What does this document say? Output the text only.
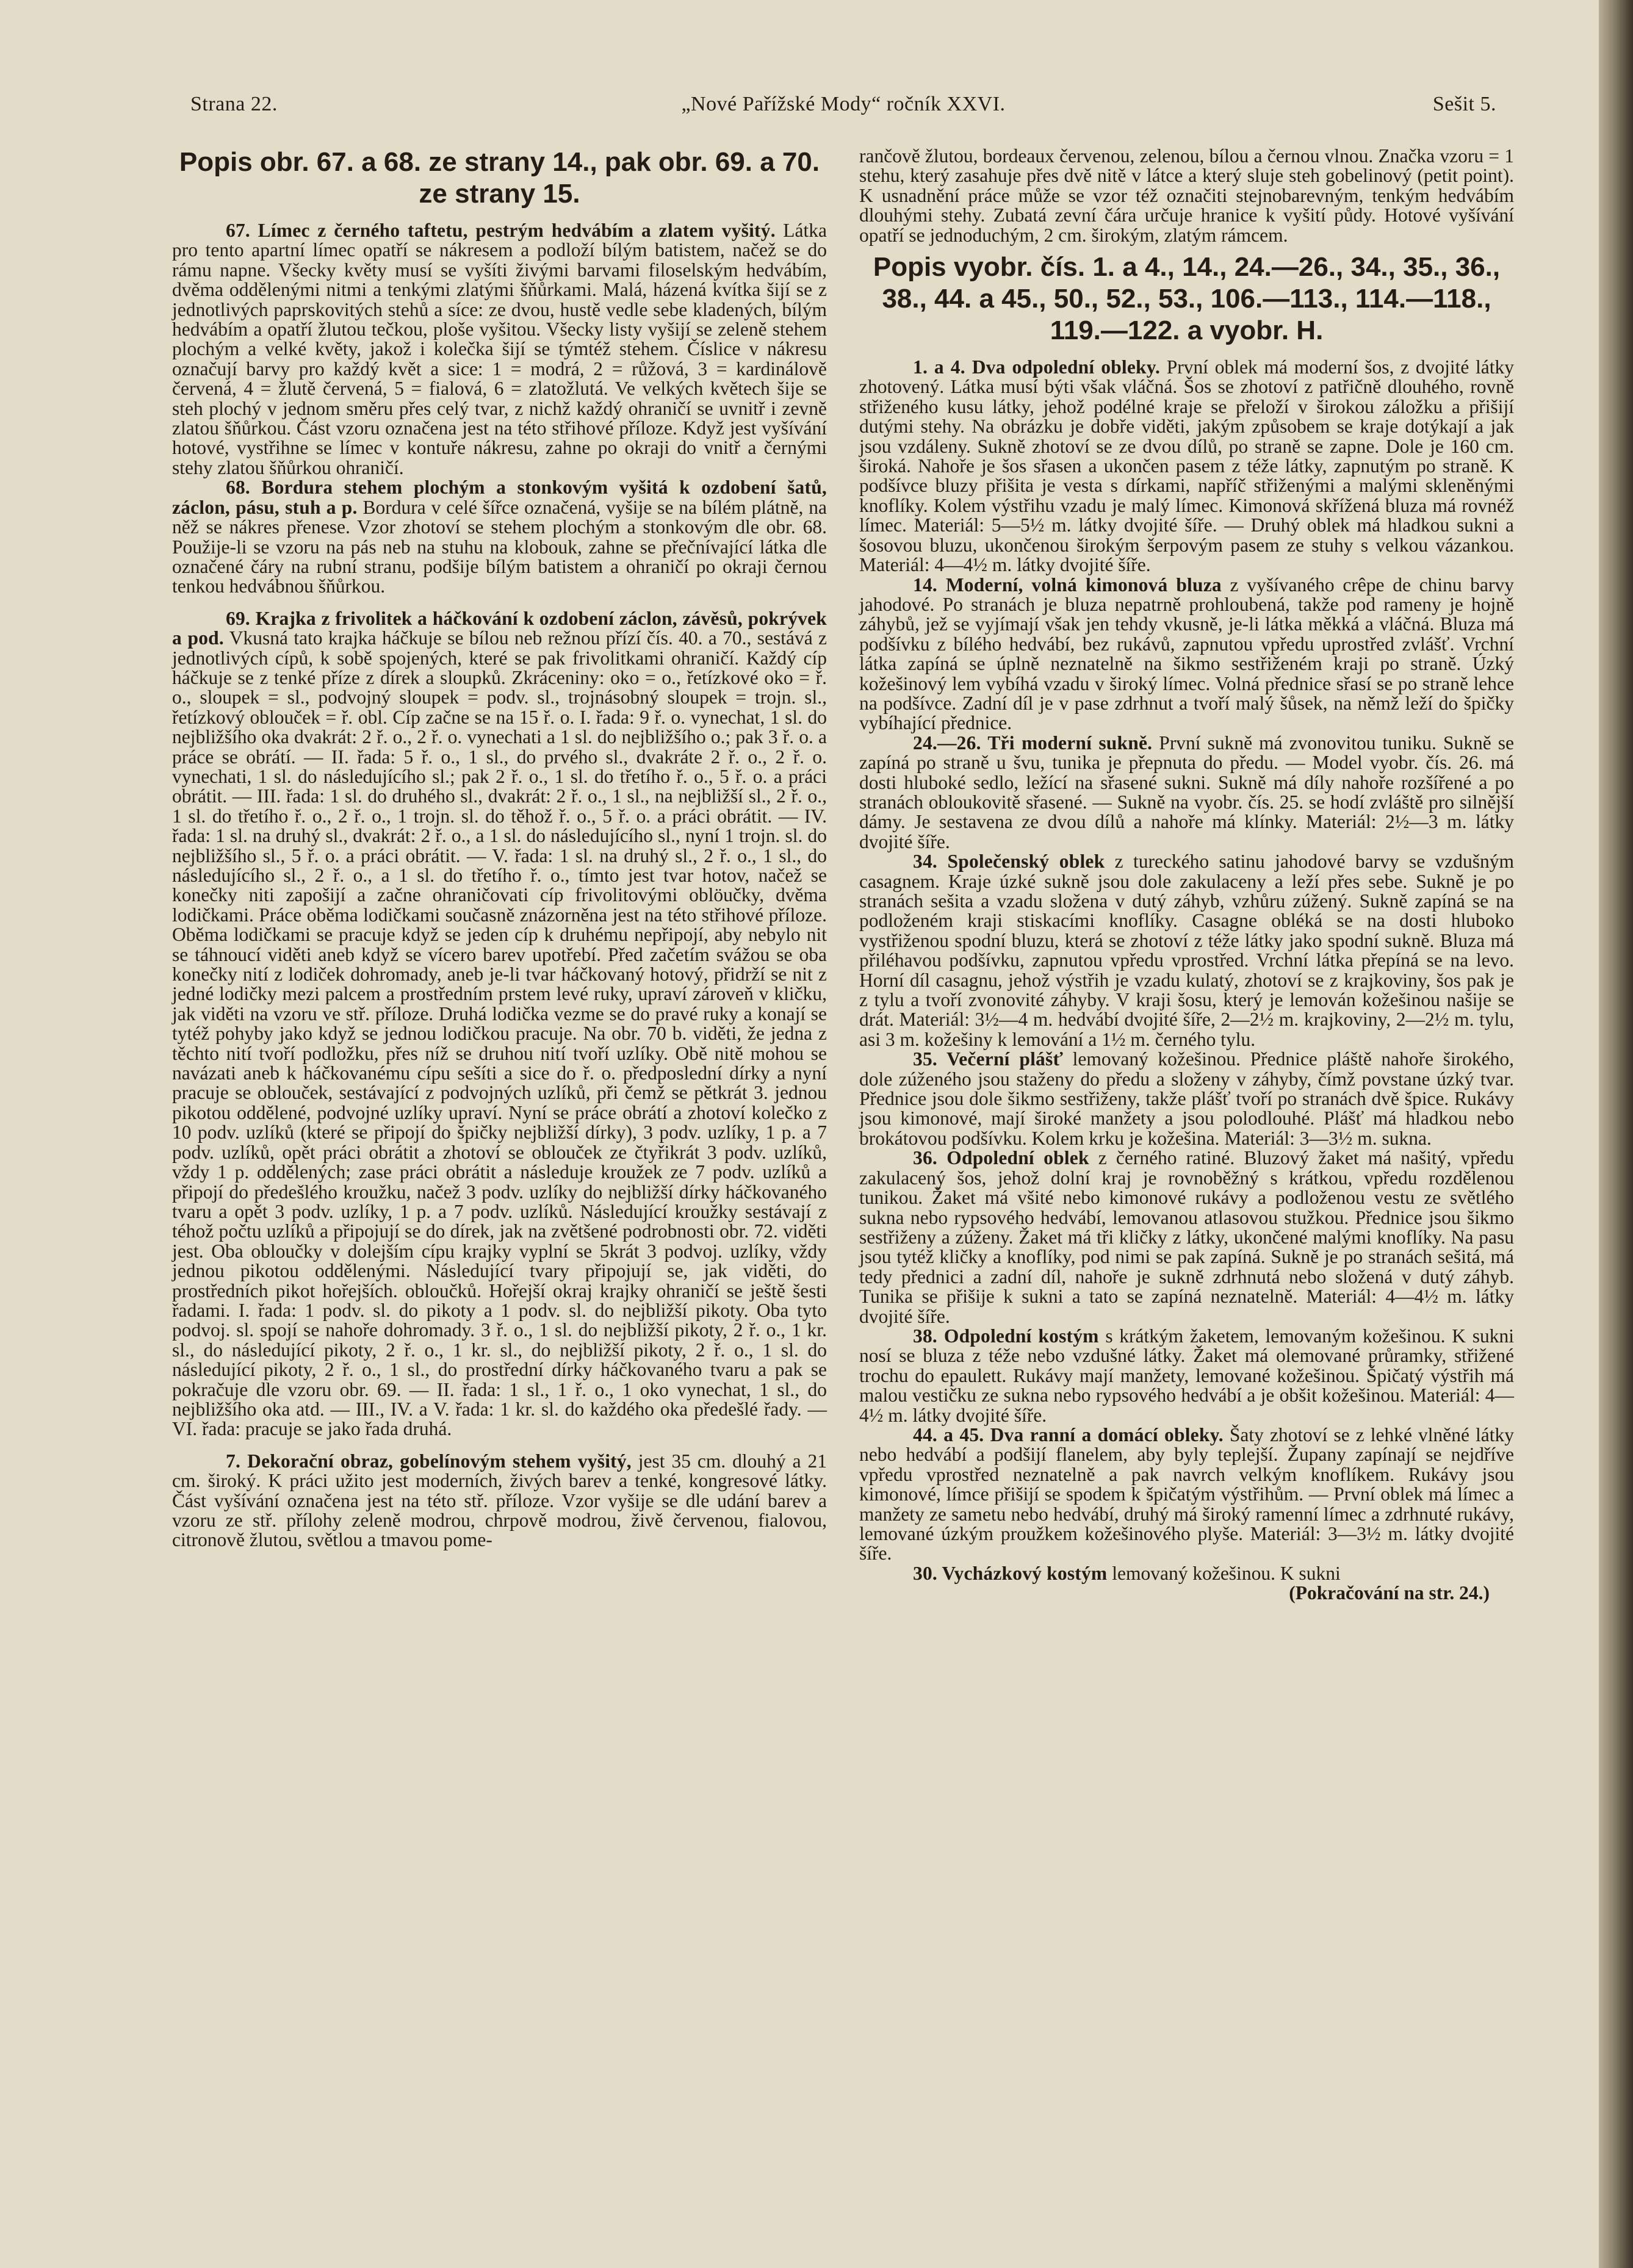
Strana 22.	„Nové Pařížské Mody“ ročník XXVI.	Sešit 5.
Popis obr. 67. a 68. ze strany 14., pak obr. 69. a 70. ze strany 15.

67. Límec z černého taftetu, pestrým hedvábím a zlatem vyšitý. Látka pro tento apartní límec opatří se nákresem a podloží bílým batistem, načež se do rámu napne. Všecky květy musí se vyšíti živými barvami filoselským hedvábím, dvěma oddělenými nitmi a tenkými zlatými šňůrkami. Malá, házená kvítka šijí se z jednotlivých paprskovitých stehů a síce: ze dvou, hustě vedle sebe kladených, bílým hedvábím a opatří žlutou tečkou, ploše vyšitou. Všecky listy vyšijí se zeleně stehem plochým a velké květy, jakož i kolečka šijí se týmtéž stehem. Číslice v nákresu označují barvy pro každý květ a sice: 1 = modrá, 2 = růžová, 3 = kardinálově červená, 4 = žlutě červená, 5 = fialová, 6 = zlatožlutá. Ve velkých květech šije se steh plochý v jednom směru přes celý tvar, z nichž každý ohraničí se uvnitř i zevně zlatou šňůrkou. Část vzoru označena jest na této střihové příloze. Když jest vyšívání hotové, vystřihne se límec v kontuře nákresu, zahne po okraji do vnitř a černými stehy zlatou šňůrkou ohraničí.

68. Bordura stehem plochým a stonkovým vyšitá k ozdobení šatů, záclon, pásu, stuh a p. Bordura v celé šířce označená, vyšije se na bílém plátně, na něž se nákres přenese. Vzor zhotoví se stehem plochým a stonkovým dle obr. 68. Použije-li se vzoru na pás neb na stuhu na klobouk, zahne se přečnívající látka dle označené čáry na rubní stranu, podšije bílým batistem a ohraničí po okraji černou tenkou hedvábnou šňůrkou.

69. Krajka z frivolitek a háčkování k ozdobení záclon, závěsů, pokrývek a pod. Vkusná tato krajka háčkuje se bílou neb režnou přízí čís. 40. a 70., sestává z jednotlivých cípů, k sobě spojených, které se pak frivolitkami ohraničí. Každý cíp háčkuje se z tenké příze z dírek a sloupků. Zkráceniny: oko = o., řetízkové oko = ř. o., sloupek = sl., podvojný sloupek = podv. sl., trojnásobný sloupek = trojn. sl., řetízkový oblouček = ř. obl. Cíp začne se na 15 ř. o. I. řada: 9 ř. o. vynechat, 1 sl. do nejbližšího oka dvakrát: 2 ř. o., 2 ř. o. vynechati a 1 sl. do nejbližšího o.; pak 3 ř. o. a práce se obrátí. — II. řada: 5 ř. o., 1 sl., do prvého sl., dvakráte 2 ř. o., 2 ř. o. vynechati, 1 sl. do následujícího sl.; pak 2 ř. o., 1 sl. do třetího ř. o., 5 ř. o. a práci obrátit. — III. řada: 1 sl. do druhého sl., dvakrát: 2 ř. o., 1 sl., na nejbližší sl., 2 ř. o., 1 sl. do třetího ř. o., 2 ř. o., 1 trojn. sl. do těhož ř. o., 5 ř. o. a práci obrátit. — IV. řada: 1 sl. na druhý sl., dvakrát: 2 ř. o., a 1 sl. do následujícího sl., nyní 1 trojn. sl. do nejbližšího sl., 5 ř. o. a práci obrátit. — V. řada: 1 sl. na druhý sl., 2 ř. o., 1 sl., do následujícího sl., 2 ř. o., a 1 sl. do třetího ř. o., tímto jest tvar hotov, načež se konečky niti zapošijí a začne ohraničovati cíp frivolitovými oblöučky, dvěma lodičkami. Práce oběma lodičkami současně znázorněna jest na této střihové příloze. Oběma lodičkami se pracuje když se jeden cíp k druhému nepřipojí, aby nebylo nit se táhnoucí viděti aneb když se vícero barev upotřebí. Před začetím svážou se oba konečky nití z lodiček dohromady, aneb je-li tvar háčkovaný hotový, přidrží se nit z jedné lodičky mezi palcem a prostředním prstem levé ruky, upraví zároveň v kličku, jak viděti na vzoru ve stř. příloze. Druhá lodička vezme se do pravé ruky a konají se tytéž pohyby jako když se jednou lodičkou pracuje. Na obr. 70 b. viděti, že jedna z těchto nití tvoří podložku, přes níž se druhou nití tvoří uzlíky. Obě nitě mohou se navázati aneb k háčkovanému cípu sešíti a sice do ř. o. předposlední dírky a nyní pracuje se oblouček, sestávající z podvojných uzlíků, při čemž se pětkrát 3. jednou pikotou oddělené, podvojné uzlíky upraví. Nyní se práce obrátí a zhotoví kolečko z 10 podv. uzlíků (které se připojí do špičky nejbližší dírky), 3 podv. uzlíky, 1 p. a 7 podv. uzlíků, opět práci obrátit a zhotoví se oblouček ze čtyřikrát 3 podv. uzlíků, vždy 1 p. oddělených; zase práci obrátit a následuje kroužek ze 7 podv. uzlíků a připojí do předešlého kroužku, načež 3 podv. uzlíky do nejbližší dírky háčkovaného tvaru a opět 3 podv. uzlíky, 1 p. a 7 podv. uzlíků. Následující kroužky sestávají z téhož počtu uzlíků a připojují se do dírek, jak na zvětšené podrobnosti obr. 72. viděti jest. Oba obloučky v dolejším cípu krajky vyplní se 5krát 3 podvoj. uzlíky, vždy jednou pikotou oddělenými. Následující tvary připojují se, jak viděti, do prostředních pikot hořejších. obloučků. Hořejší okraj krajky ohraničí se ještě šesti řadami. I. řada: 1 podv. sl. do pikoty a 1 podv. sl. do nejbližší pikoty. Oba tyto podvoj. sl. spojí se nahoře dohromady. 3 ř. o., 1 sl. do nejbližší pikoty, 2 ř. o., 1 kr. sl., do následující pikoty, 2 ř. o., 1 kr. sl., do nejbližší pikoty, 2 ř. o., 1 sl. do následující pikoty, 2 ř. o., 1 sl., do prostřední dírky háčkovaného tvaru a pak se pokračuje dle vzoru obr. 69. — II. řada: 1 sl., 1 ř. o., 1 oko vynechat, 1 sl., do nejbližšího oka atd. — III., IV. a V. řada: 1 kr. sl. do každého oka předešlé řady. — VI. řada: pracuje se jako řada druhá.

7. Dekorační obraz, gobelínovým stehem vyšitý, jest 35 cm. dlouhý a 21 cm. široký. K práci užito jest moderních, živých barev a tenké, kongresové látky. Část vyšívání označena jest na této stř. příloze. Vzor vyšije se dle udání barev a vzoru ze stř. přílohy zeleně modrou, chrpově modrou, živě červenou, fialovou, citronově žlutou, světlou a tmavou pome-

rančově žlutou, bordeaux červenou, zelenou, bílou a černou vlnou. Značka vzoru = 1 stehu, který zasahuje přes dvě nitě v látce a který sluje steh gobelinový (petit point). K usnadnění práce může se vzor též označiti stejnobarevným, tenkým hedvábím dlouhými stehy. Zubatá zevní čára určuje hranice k vyšití půdy. Hotové vyšívání opatří se jednoduchým, 2 cm. širokým, zlatým rámcem.

Popis vyobr. čís. 1. a 4., 14., 24.—26., 34., 35., 36., 38., 44. a 45., 50., 52., 53., 106.—113., 114.—118., 119.—122. a vyobr. H.

1. a 4. Dva odpolední obleky. První oblek má moderní šos, z dvojité látky zhotovený. Látka musí býti však vláčná. Šos se zhotoví z patřičně dlouhého, rovně střiženého kusu látky, jehož podélné kraje se přeloží v širokou záložku a přišijí dutými stehy. Na obrázku je dobře viděti, jakým způsobem se kraje dotýkají a jak jsou vzdáleny. Sukně zhotoví se ze dvou dílů, po straně se zapne. Dole je 160 cm. široká. Nahoře je šos sřasen a ukončen pasem z téže látky, zapnutým po straně. K podšívce bluzy přišita je vesta s dírkami, napříč střiženými a malými skleněnými knoflíky. Kolem výstřihu vzadu je malý límec. Kimonová skřížená bluza má rovnéž límec. Materiál: 5—5½ m. látky dvojité šíře. — Druhý oblek má hladkou sukni a šosovou bluzu, ukončenou širokým šerpovým pasem ze stuhy s velkou vázankou. Materiál: 4—4½ m. látky dvojité šíře.

14. Moderní, volná kimonová bluza z vyšívaného crêpe de chinu barvy jahodové. Po stranách je bluza nepatrně prohloubená, takže pod rameny je hojně záhybů, jež se vyjímají však jen tehdy vkusně, je-li látka měkká a vláčná. Bluza má podšívku z bílého hedvábí, bez rukávů, zapnutou vpředu uprostřed zvlášť. Vrchní látka zapíná se úplně neznatelně na šikmo sestřiženém kraji po straně. Úzký kožešinový lem vybíhá vzadu v široký límec. Volná přednice sřasí se po straně lehce na podšívce. Zadní díl je v pase zdrhnut a tvoří malý šůsek, na němž leží do špičky vybíhající přednice.

24.—26. Tři moderní sukně. První sukně má zvonovitou tuniku. Sukně se zapíná po straně u švu, tunika je přepnuta do předu. — Model vyobr. čís. 26. má dosti hluboké sedlo, ležící na sřasené sukni. Sukně má díly nahoře rozšířené a po stranách obloukovitě sřasené. — Sukně na vyobr. čís. 25. se hodí zvláště pro silnější dámy. Je sestavena ze dvou dílů a nahoře má klínky. Materiál: 2½—3 m. látky dvojité šíře.

34. Společenský oblek z tureckého satinu jahodové barvy se vzdušným casagnem. Kraje úzké sukně jsou dole zakulaceny a leží přes sebe. Sukně je po stranách sešita a vzadu složena v dutý záhyb, vzhůru zúžený. Sukně zapíná se na podloženém kraji stiskacími knoflíky. Casagne obléká se na dosti hluboko vystřiženou spodní bluzu, která se zhotoví z téže látky jako spodní sukně. Bluza má přiléhavou podšívku, zapnutou vpředu vprostřed. Vrchní látka přepíná se na levo. Horní díl casagnu, jehož výstřih je vzadu kulatý, zhotoví se z krajkoviny, šos pak je z tylu a tvoří zvonovité záhyby. V kraji šosu, který je lemován kožešinou našije se drát. Materiál: 3½—4 m. hedvábí dvojité šíře, 2—2½ m. krajkoviny, 2—2½ m. tylu, asi 3 m. kožešiny k lemování a 1½ m. černého tylu.

35. Večerní plášť lemovaný kožešinou. Přednice pláště nahoře širokého, dole zúženého jsou staženy do předu a složeny v záhyby, čímž povstane úzký tvar. Přednice jsou dole šikmo sestřiženy, takže plášť tvoří po stranách dvě špice. Rukávy jsou kimonové, mají široké manžety a jsou polodlouhé. Plášť má hladkou nebo brokátovou podšívku. Kolem krku je kožešina. Materiál: 3—3½ m. sukna.

36. Odpolední oblek z černého ratiné. Bluzový žaket má našitý, vpředu zakulacený šos, jehož dolní kraj je rovnoběžný s krátkou, vpředu rozdělenou tunikou. Žaket má všité nebo kimonové rukávy a podloženou vestu ze světlého sukna nebo rypsového hedvábí, lemovanou atlasovou stužkou. Přednice jsou šikmo sestřiženy a zúženy. Žaket má tři kličky z látky, ukončené malými knoflíky. Na pasu jsou tytéž kličky a knoflíky, pod nimi se pak zapíná. Sukně je po stranách sešitá, má tedy přednici a zadní díl, nahoře je sukně zdrhnutá nebo složená v dutý záhyb. Tunika se přišije k sukni a tato se zapíná neznatelně. Materiál: 4—4½ m. látky dvojité šíře.

38. Odpolední kostým s krátkým žaketem, lemovaným kožešinou. K sukni nosí se bluza z téže nebo vzdušné látky. Žaket má olemované průramky, střižené trochu do epaulett. Rukávy mají manžety, lemované kožešinou. Špičatý výstřih má malou vestičku ze sukna nebo rypsového hedvábí a je obšit kožešinou. Materiál: 4—4½ m. látky dvojité šíře.

44. a 45. Dva ranní a domácí obleky. Šaty zhotoví se z lehké vlněné látky nebo hedvábí a podšijí flanelem, aby byly teplejší. Župany zapínají se nejdříve vpředu vprostřed neznatelně a pak navrch velkým knoflíkem. Rukávy jsou kimonové, límce přišijí se spodem k špičatým výstřihům. — První oblek má límec a manžety ze sametu nebo hedvábí, druhý má široký ramenní límec a zdrhnuté rukávy, lemované úzkým proužkem kožešinového plyše. Materiál: 3—3½ m. látky dvojité šíře.

30. Vycházkový kostým lemovaný kožešinou. K sukni

(Pokračování na str. 24.)
